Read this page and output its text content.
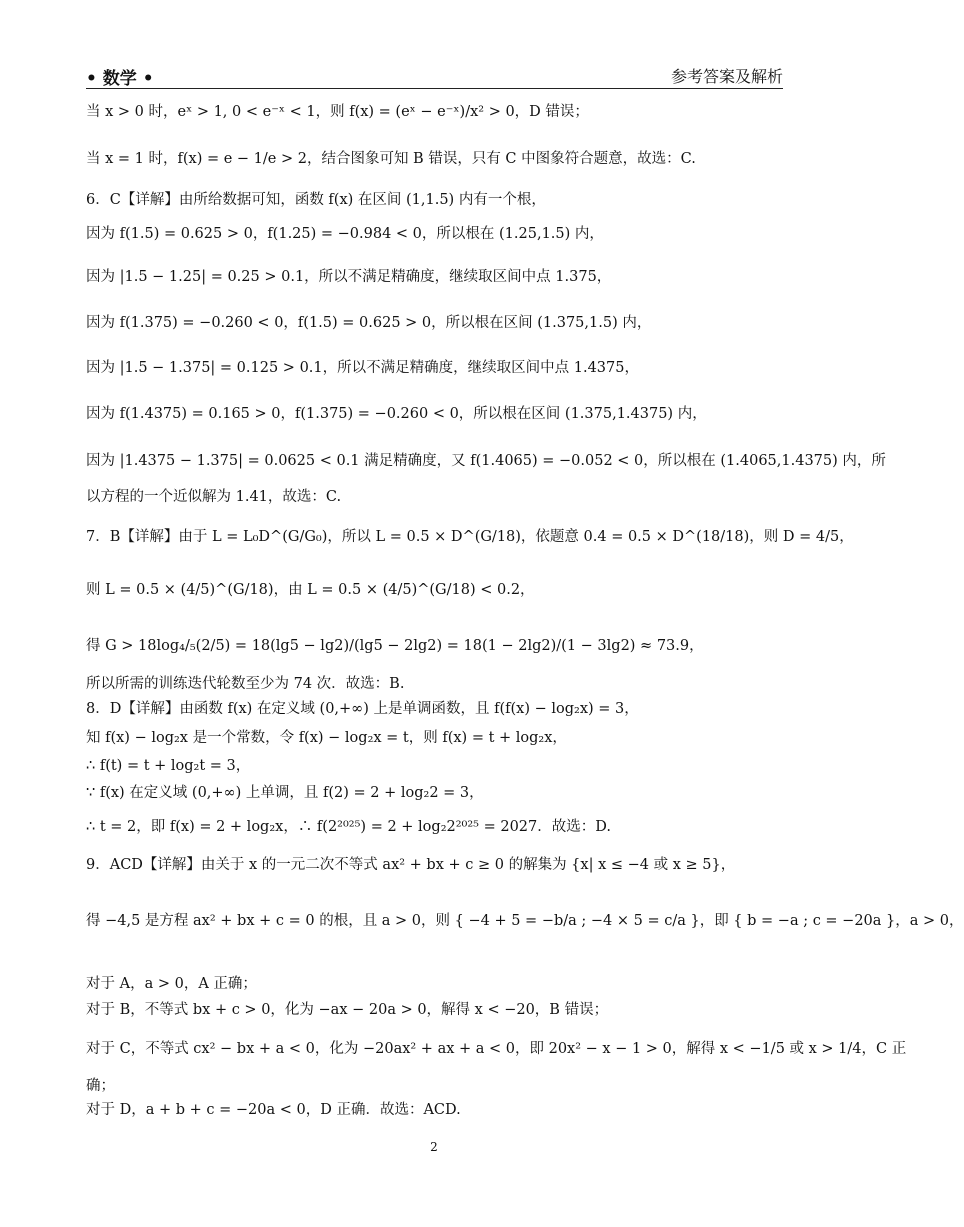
• 数学 •	参考答案及解析
当 x > 0 时，eˣ > 1, 0 < e⁻ˣ < 1，则 f(x) = (eˣ − e⁻ˣ)/x² > 0，D 错误；
当 x = 1 时，f(x) = e − 1/e > 2，结合图象可知 B 错误，只有 C 中图象符合题意，故选：C.
6．C【详解】由所给数据可知，函数 f(x) 在区间 (1,1.5) 内有一个根，
因为 f(1.5) = 0.625 > 0，f(1.25) = −0.984 < 0，所以根在 (1.25,1.5) 内，
因为 |1.5 − 1.25| = 0.25 > 0.1，所以不满足精确度，继续取区间中点 1.375，
因为 f(1.375) = −0.260 < 0，f(1.5) = 0.625 > 0，所以根在区间 (1.375,1.5) 内，
因为 |1.5 − 1.375| = 0.125 > 0.1，所以不满足精确度，继续取区间中点 1.4375，
因为 f(1.4375) = 0.165 > 0，f(1.375) = −0.260 < 0，所以根在区间 (1.375,1.4375) 内，
因为 |1.4375 − 1.375| = 0.0625 < 0.1 满足精确度，又 f(1.4065) = −0.052 < 0，所以根在 (1.4065,1.4375) 内，所
以方程的一个近似解为 1.41，故选：C.
7．B【详解】由于 L = L₀D^(G/G₀)，所以 L = 0.5 × D^(G/18)，依题意 0.4 = 0.5 × D^(18/18)，则 D = 4/5，
则 L = 0.5 × (4/5)^(G/18)，由 L = 0.5 × (4/5)^(G/18) < 0.2，
得 G > 18log₄/₅(2/5) = 18(lg5 − lg2)/(lg5 − 2lg2) = 18(1 − 2lg2)/(1 − 3lg2) ≈ 73.9，
所以所需的训练迭代轮数至少为 74 次．故选：B.
8．D【详解】由函数 f(x) 在定义域 (0,+∞) 上是单调函数，且 f(f(x) − log₂x) = 3，
知 f(x) − log₂x 是一个常数，令 f(x) − log₂x = t，则 f(x) = t + log₂x，
∴ f(t) = t + log₂t = 3，
∵ f(x) 在定义域 (0,+∞) 上单调，且 f(2) = 2 + log₂2 = 3，
∴ t = 2，即 f(x) = 2 + log₂x，∴ f(2²⁰²⁵) = 2 + log₂2²⁰²⁵ = 2027．故选：D.
9．ACD【详解】由关于 x 的一元二次不等式 ax² + bx + c ≥ 0 的解集为 {x| x ≤ −4 或 x ≥ 5}，
得 −4,5 是方程 ax² + bx + c = 0 的根，且 a > 0，则 { −4 + 5 = −b/a ; −4 × 5 = c/a }，即 { b = −a ; c = −20a }，a > 0，
对于 A，a > 0，A 正确；
对于 B，不等式 bx + c > 0，化为 −ax − 20a > 0，解得 x < −20，B 错误；
对于 C，不等式 cx² − bx + a < 0，化为 −20ax² + ax + a < 0，即 20x² − x − 1 > 0，解得 x < −1/5 或 x > 1/4，C 正
确；
对于 D，a + b + c = −20a < 0，D 正确．故选：ACD.
2
